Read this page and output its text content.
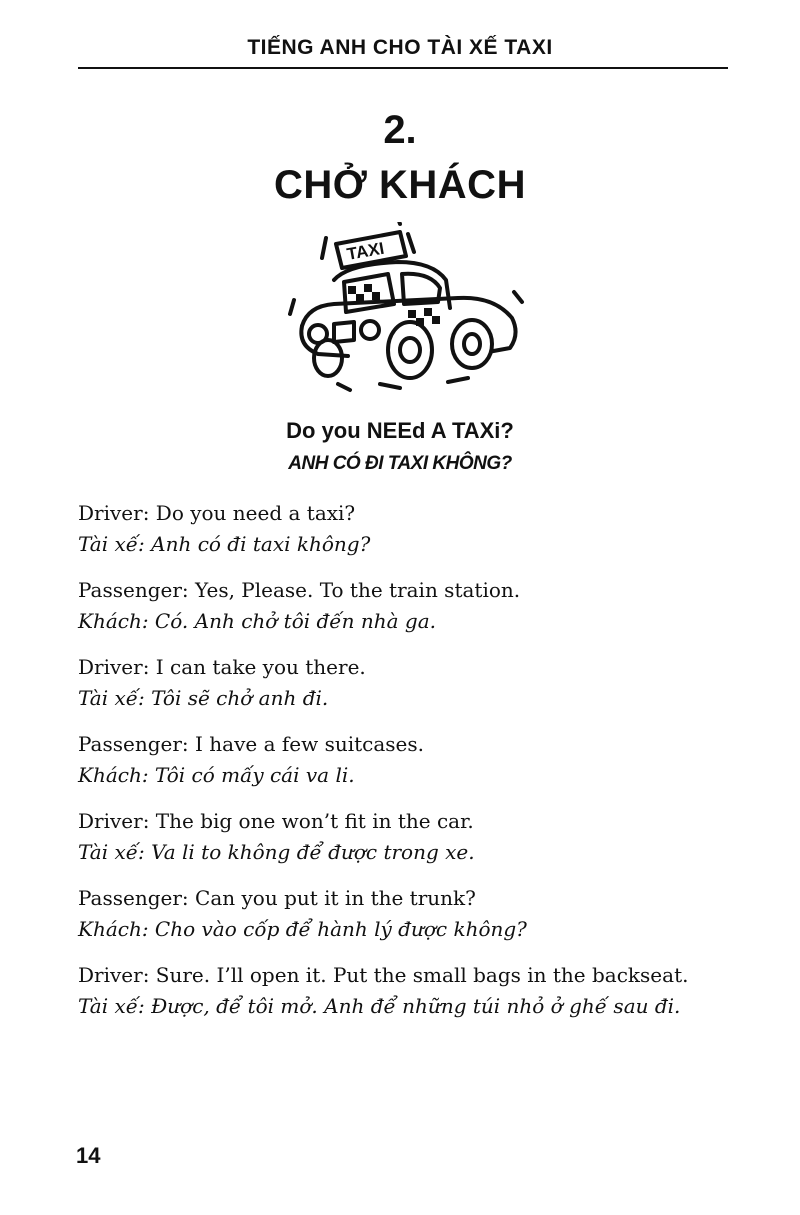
TIẾNG ANH CHO TÀI XẾ TAXI
2.
CHỞ KHÁCH
TAXI
Do you NEEd A TAXi?
ANH CÓ ĐI TAXI KHÔNG?
Driver: Do you need a taxi?
Tài xế: Anh có đi taxi không?
Passenger: Yes, Please. To the train station.
Khách: Có. Anh chở tôi đến nhà ga.
Driver: I can take you there.
Tài xế: Tôi sẽ chở anh đi.
Passenger: I have a few suitcases.
Khách: Tôi có mấy cái va li.
Driver: The big one won’t fit in the car.
Tài xế: Va li to không để được trong xe.
Passenger: Can you put it in the trunk?
Khách: Cho vào cốp để hành lý được không?
Driver: Sure. I’ll open it. Put the small bags in the backseat.
Tài xế: Được, để tôi mở. Anh để những túi nhỏ ở ghế sau đi.
14
